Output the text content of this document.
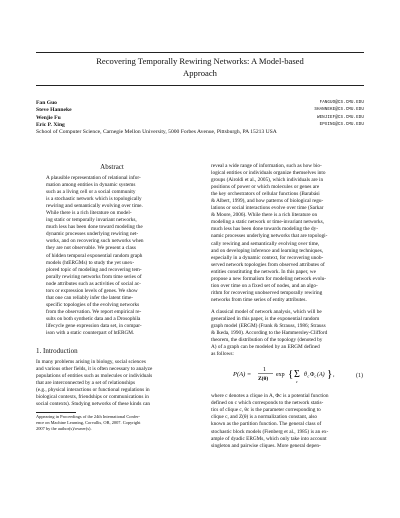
Recovering Temporally Rewiring Networks: A Model-based
Approach
Fan Guo	FANGUO@CS.CMU.EDU
Steve Hanneke	SHANNEKE@CS.CMU.EDU
Wenjie Fu	WENJIEF@CS.CMU.EDU
Eric P. Xing	EPXING@CS.CMU.EDU
School of Computer Science, Carnegie Mellon University, 5000 Forbes Avenue, Pittsburgh, PA 15213 USA
Abstract
A plausible representation of relational infor-
mation among entities in dynamic systems
such as a living cell or a social community
is a stochastic network which is topologically
rewiring and semantically evolving over time.
While there is a rich literature on model-
ing static or temporally invariant networks,
much less has been done toward modeling the
dynamic processes underlying rewiring net-
works, and on recovering such networks when
they are not observable. We present a class
of hidden temporal exponential random graph
models (htERGMs) to study the yet unex-
plored topic of modeling and recovering tem-
porally rewiring networks from time series of
node attributes such as activities of social ac-
tors or expression levels of genes. We show
that one can reliably infer the latent time-
specific topologies of the evolving networks
from the observation. We report empirical re-
sults on both synthetic data and a Drosophila
lifecycle gene expression data set, in compar-
ison with a static counterpart of htERGM.
1. Introduction
In many problems arising in biology, social sciences
and various other fields, it is often necessary to analyze
populations of entities such as molecules or individuals
that are interconnected by a set of relationships
(e.g., physical interactions or functional regulations in
biological contexts, friendships or communications in
social contexts). Studying networks of these kinds can
Appearing in Proceedings of the 24th International Confer-
ence on Machine Learning, Corvallis, OR, 2007. Copyright
2007 by the author(s)/owner(s).
reveal a wide range of information, such as how bio-
logical entities or individuals organize themselves into
groups (Airoldi et al., 2005), which individuals are in
positions of power or which molecules or genes are
the key orchestrators of cellular functions (Barabási
& Albert, 1999), and how patterns of biological regu-
lations or social interactions evolve over time (Sarkar
& Moore, 2006). While there is a rich literature on
modeling a static network or time-invariant networks,
much less has been done towards modeling the dy-
namic processes underlying networks that are topologi-
cally rewiring and semantically evolving over time,
and on developing inference and learning techniques,
especially in a dynamic context, for recovering unob-
served network topologies from observed attributes of
entities constituting the network. In this paper, we
propose a new formalism for modeling network evolu-
tion over time on a fixed set of nodes, and an algo-
rithm for recovering unobserved temporally rewiring
networks from time series of entity attributes.
A classical model of network analysis, which will be
generalized in this paper, is the exponential random
graph model (ERGM) (Frank & Strauss, 1986; Strauss
& Ikeda, 1990). According to the Hammersley-Clifford
theorem, the distribution of the topology (denoted by
A) of a graph can be modeled by an ERGM defined
as follows:
P(A) =
1
Z(θ)
exp { Σ
c
θ c Φ c (A) } ,	(1)
where c denotes a clique in A, Φc is a potential function
defined on c which corresponds to the network statis-
tics of clique c, θc is the parameter corresponding to
clique c, and Z(θ) is a normalization constant, also
known as the partition function. The general class of
stochastic block models (Fienberg et al., 1985) is an ex-
ample of dyadic ERGMs, which only take into account
singleton and pairwise cliques. More general depen-
